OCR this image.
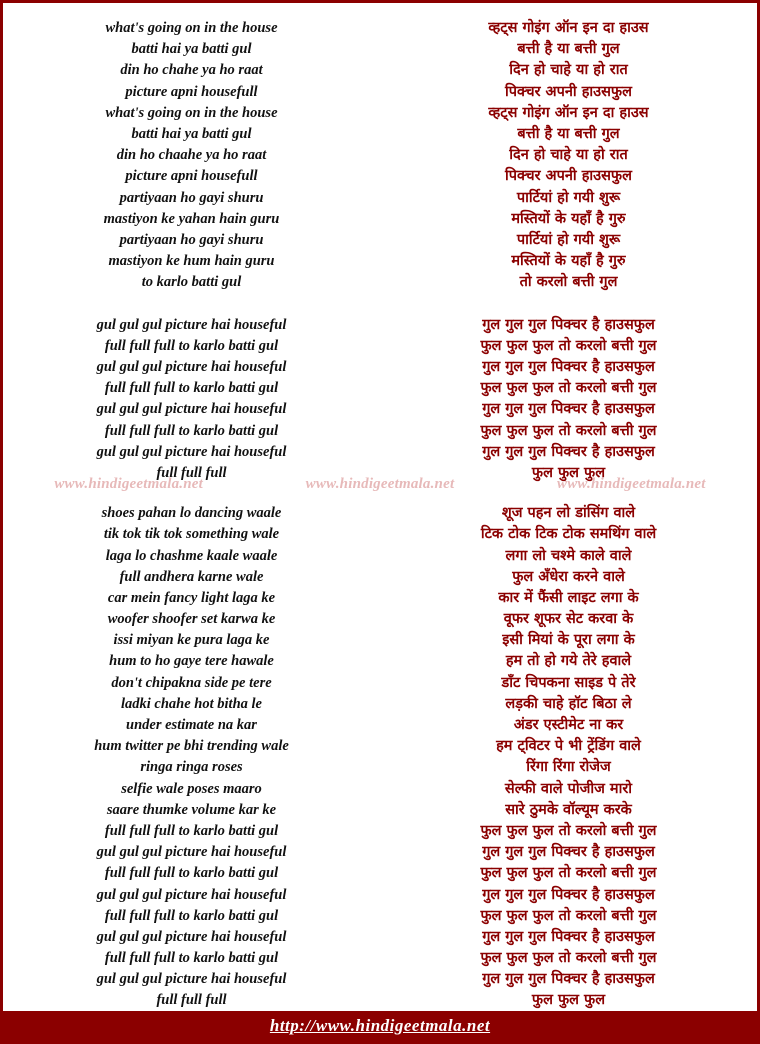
what's going on in the house	व्हट्स गोइंग ऑन इन द‍ा हाउस
batti hai ya batti gul	बत्ती है या बत्ती गुल
din ho chahe ya ho raat	दिन हो चाहे या हो रात
picture apni housefull	पिक्चर अपनी हाउसफुल
what's going on in the house	व्हट्स गोइंग ऑन इन द‍ा हाउस
batti hai ya batti gul	बत्ती है या बत्ती गुल
din ho chaahe ya ho raat	दिन हो चाहे या हो रात
picture apni housefull	पिक्चर अपनी हाउसफुल
partiyaan ho gayi shuru	पार्टियां हो गयी शुरू
mastiyon ke yahan hain guru	मस्तियों के यहाँ है गुरु
partiyaan ho gayi shuru	पार्टियां हो गयी शुरू
mastiyon ke hum hain guru	मस्तियों के यहाँ है गुरु
to karlo batti gul	तो करलो बत्ती गुल
gul gul gul picture hai houseful	गुल गुल गुल पिक्चर है हाउसफुल
full full full to karlo batti gul	फुल फुल फुल तो करलो बत्ती गुल
gul gul gul picture hai houseful	गुल गुल गुल पिक्चर है हाउसफुल
full full full to karlo batti gul	फुल फुल फुल तो करलो बत्ती गुल
gul gul gul picture hai houseful	गुल गुल गुल पिक्चर है हाउसफुल
full full full to karlo batti gul	फुल फुल फुल तो करलो बत्ती गुल
gul gul gul picture hai houseful	गुल गुल गुल पिक्चर है हाउसफुल
full full full	फुल फुल फुल
shoes pahan lo dancing waale	शूज पहन लो डांसिंग वाले
tik tok tik tok something wale	टिक टोक टिक टोक समथिंग वाले
laga lo chashme kaale waale	लगा लो चश्मे काले वाले
full andhera karne wale	फुल अँधेरा करने वाले
car mein fancy light laga ke	कार में फैंसी लाइट लगा के
woofer shoofer set karwa ke	वूफर शूफर सेट करवा के
issi miyan ke pura laga ke	इसी मियां के पूरा लगा के
hum to ho gaye tere hawale	हम तो हो गये तेरे हवाले
don't chipakna side pe tere	डॉंट चिपकना साइड पे तेरे
ladki chahe hot bitha le	लड़की चाहे हॉट बिठा ले
under estimate na kar	अंडर एस्टीमेट ना कर
hum twitter pe bhi trending wale	हम ट्विटर पे भी ट्रेंडिंग वाले
ringa ringa roses	रिंगा रिंगा रोजेज
selfie wale poses maaro	सेल्फी वाले पोजीज मारो
saare thumke volume kar ke	सारे ठुमके वॉल्यूम करके
full full full to karlo batti gul	फुल फुल फुल तो करलो बत्ती गुल
gul gul gul picture hai houseful	गुल गुल गुल पिक्चर है हाउसफुल
full full full to karlo batti gul	फुल फुल फुल तो करलो बत्ती गुल
gul gul gul picture hai houseful	गुल गुल गुल पिक्चर है हाउसफुल
full full full to karlo batti gul	फुल फुल फुल तो करलो बत्ती गुल
gul gul gul picture hai houseful	गुल गुल गुल पिक्चर है हाउसफुल
full full full to karlo batti gul	फुल फुल फुल तो करलो बत्ती गुल
gul gul gul picture hai houseful	गुल गुल गुल पिक्चर है हाउसफुल
full full full	फुल फुल फुल
www.hindigeetmala.net	www.hindigeetmala.net	www.hindigeetmala.net
http://www.hindigeetmala.net
